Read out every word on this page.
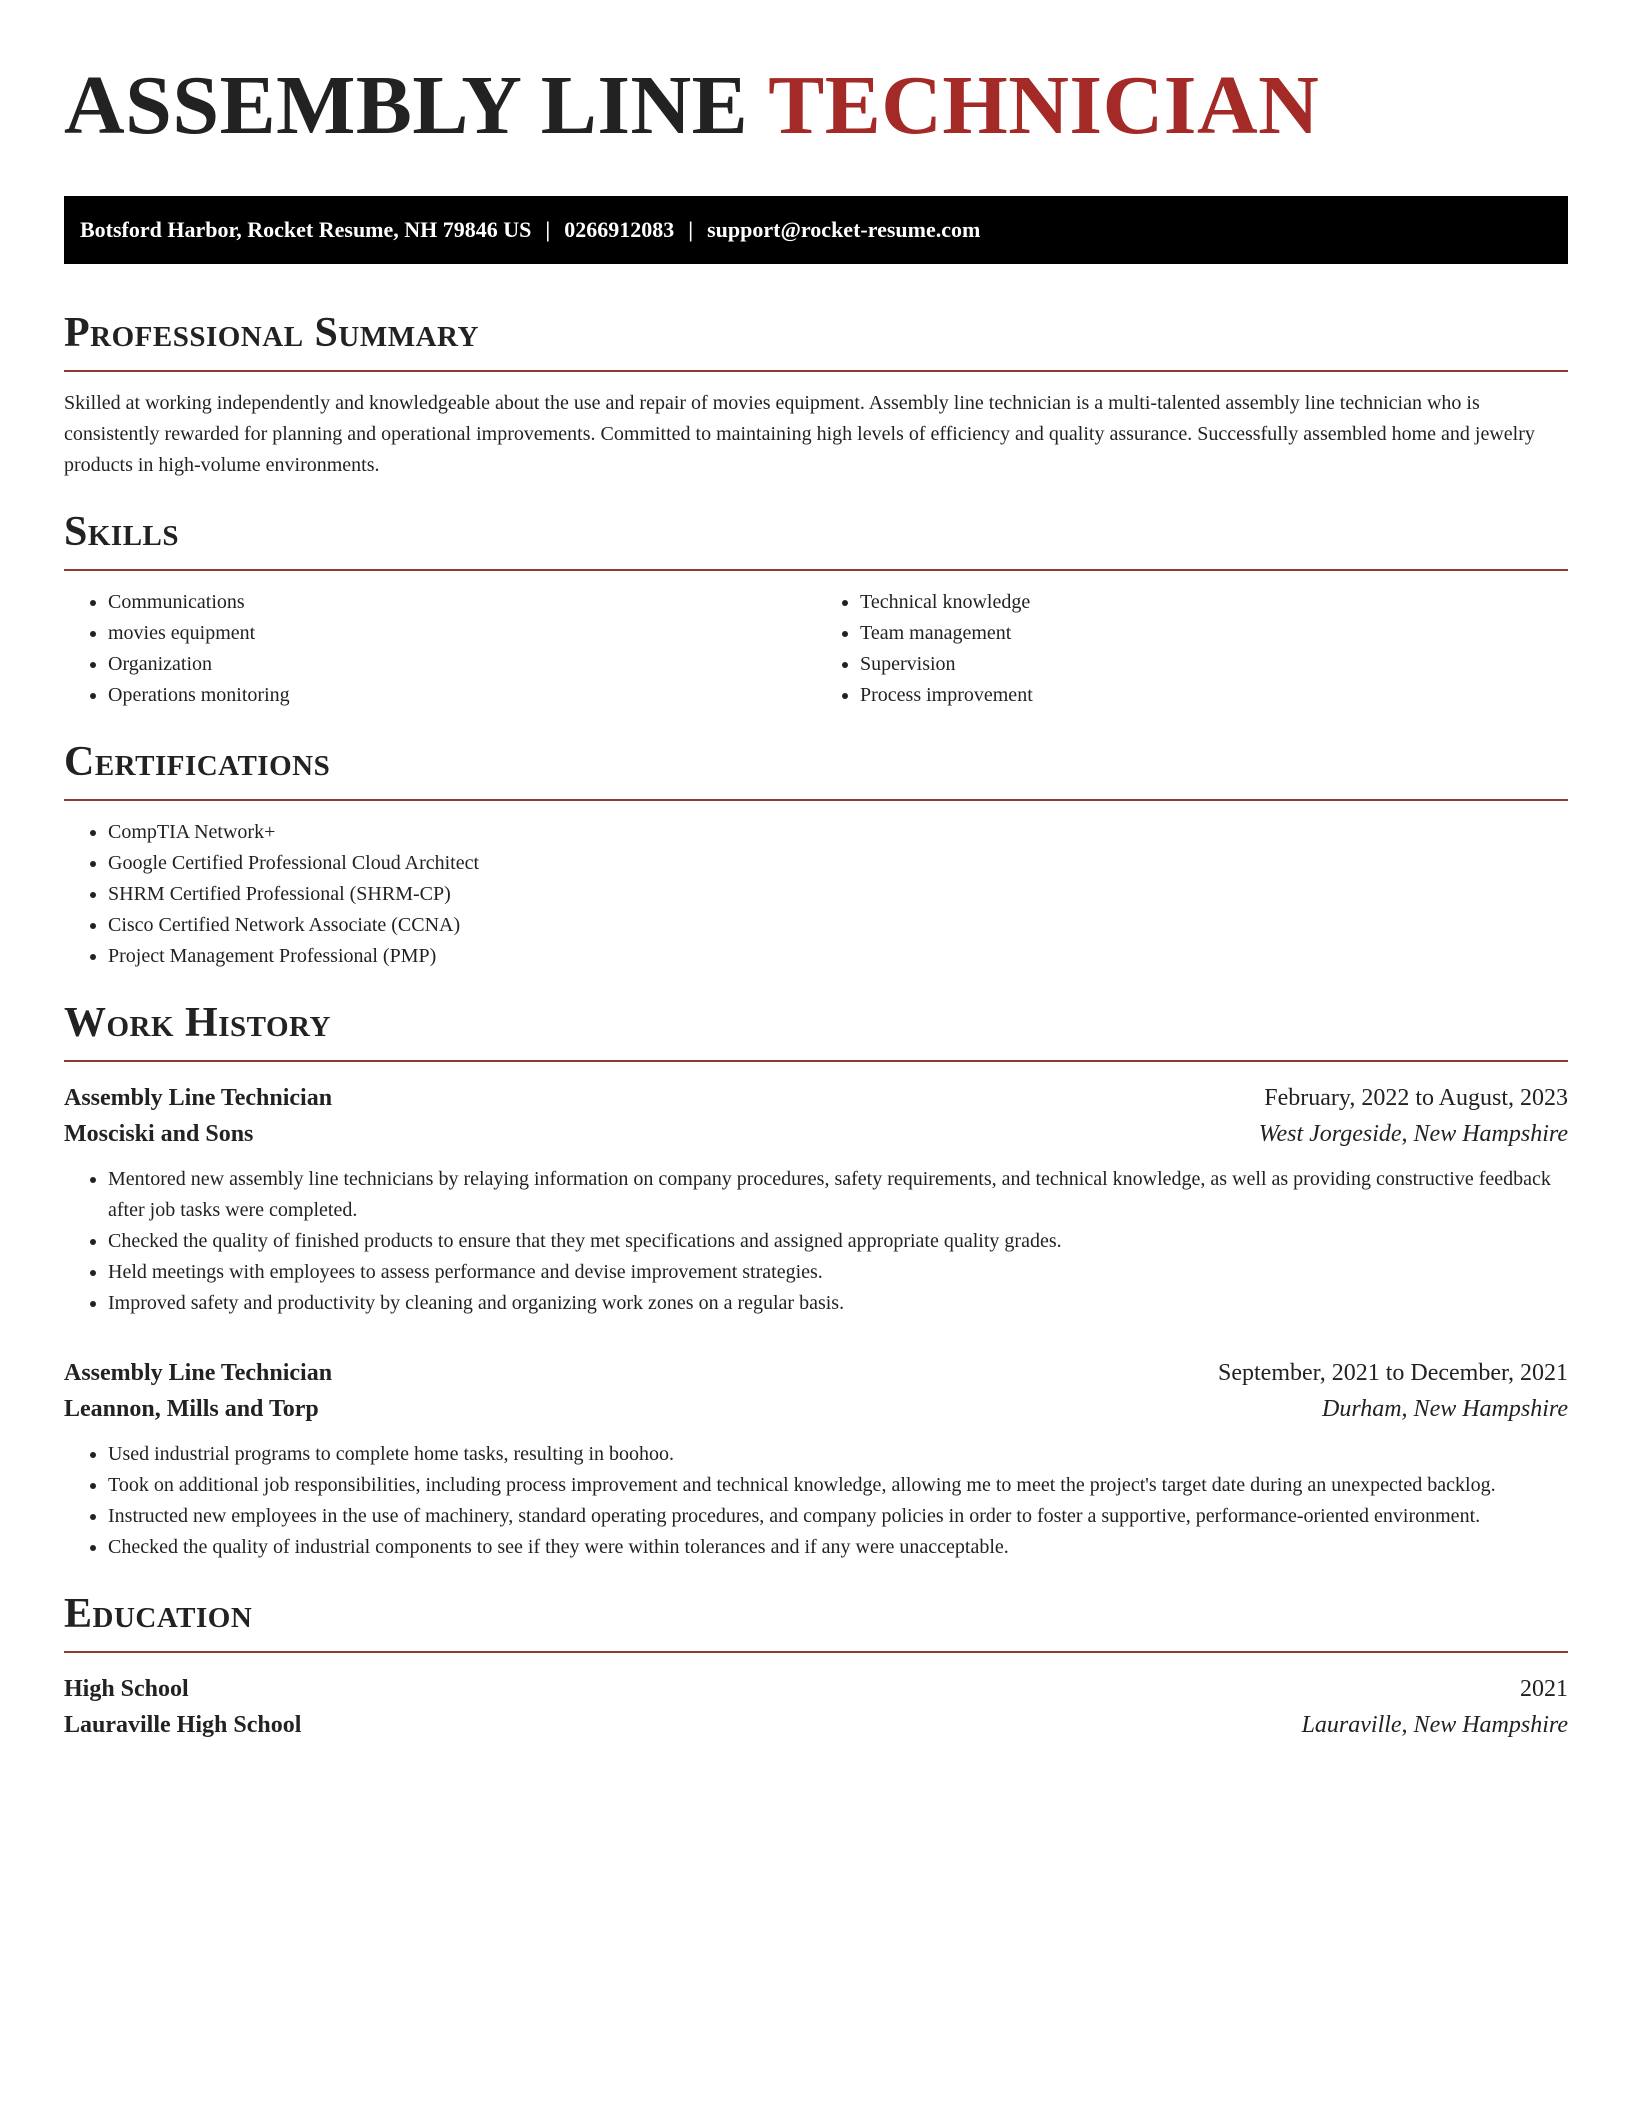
ASSEMBLY LINE TECHNICIAN
Botsford Harbor, Rocket Resume, NH 79846 US | 0266912083 | support@rocket-resume.com
Professional Summary

Skilled at working independently and knowledgeable about the use and repair of movies equipment. Assembly line technician is a multi-talented assembly line technician who is consistently rewarded for planning and operational improvements. Committed to maintaining high levels of efficiency and quality assurance. Successfully assembled home and jewelry products in high-volume environments.

Skills
• Communications
• movies equipment
• Organization
• Operations monitoring
• Technical knowledge
• Team management
• Supervision
• Process improvement
Certifications
• CompTIA Network+
• Google Certified Professional Cloud Architect
• SHRM Certified Professional (SHRM-CP)
• Cisco Certified Network Associate (CCNA)
• Project Management Professional (PMP)
Work History
Assembly Line Technician	February, 2022 to August, 2023
Mosciski and Sons	West Jorgeside, New Hampshire
• Mentored new assembly line technicians by relaying information on company procedures, safety requirements, and technical knowledge, as well as providing constructive feedback after job tasks were completed.
• Checked the quality of finished products to ensure that they met specifications and assigned appropriate quality grades.
• Held meetings with employees to assess performance and devise improvement strategies.
• Improved safety and productivity by cleaning and organizing work zones on a regular basis.
Assembly Line Technician	September, 2021 to December, 2021
Leannon, Mills and Torp	Durham, New Hampshire
• Used industrial programs to complete home tasks, resulting in boohoo.
• Took on additional job responsibilities, including process improvement and technical knowledge, allowing me to meet the project's target date during an unexpected backlog.
• Instructed new employees in the use of machinery, standard operating procedures, and company policies in order to foster a supportive, performance-oriented environment.
• Checked the quality of industrial components to see if they were within tolerances and if any were unacceptable.
Education
High School	2021
Lauraville High School	Lauraville, New Hampshire
